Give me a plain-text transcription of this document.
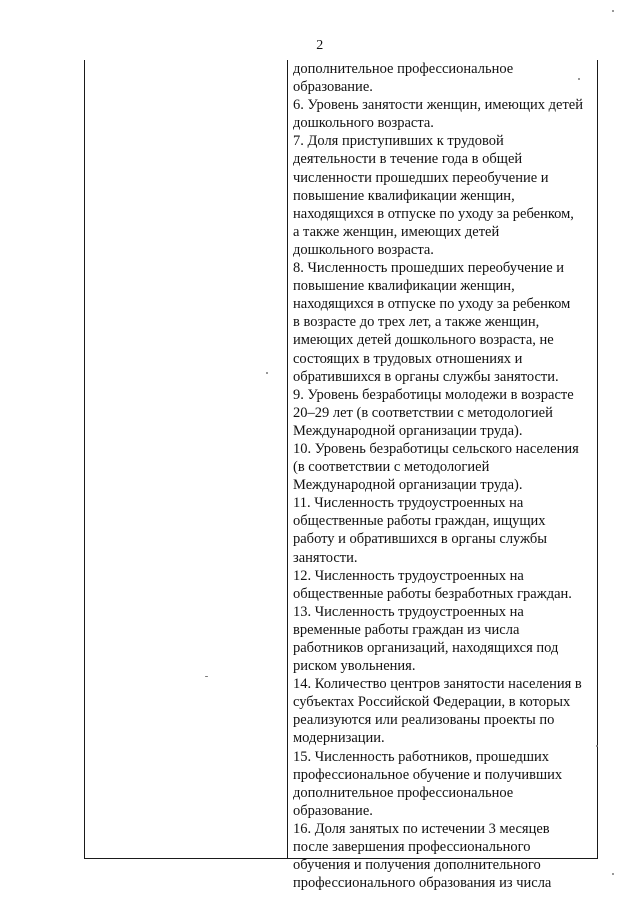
2
дополнительное профессиональное
образование.
6. Уровень занятости женщин, имеющих детей
дошкольного возраста.
7. Доля приступивших к трудовой
деятельности в течение года в общей
численности прошедших переобучение и
повышение квалификации женщин,
находящихся в отпуске по уходу за ребенком,
а также женщин, имеющих детей
дошкольного возраста.
8. Численность прошедших переобучение и
повышение квалификации женщин,
находящихся в отпуске по уходу за ребенком
в возрасте до трех лет, а также женщин,
имеющих детей дошкольного возраста, не
состоящих в трудовых отношениях и
обратившихся в органы службы занятости.
9. Уровень безработицы молодежи в возрасте
20–29 лет (в соответствии с методологией
Международной организации труда).
10. Уровень безработицы сельского населения
(в соответствии с методологией
Международной организации труда).
11. Численность трудоустроенных на
общественные работы граждан, ищущих
работу и обратившихся в органы службы
занятости.
12. Численность трудоустроенных на
общественные работы безработных граждан.
13. Численность трудоустроенных на
временные работы граждан из числа
работников организаций, находящихся под
риском увольнения.
14. Количество центров занятости населения в
субъектах Российской Федерации, в которых
реализуются или реализованы проекты по
модернизации.
15. Численность работников, прошедших
профессиональное обучение и получивших
дополнительное профессиональное
образование.
16. Доля занятых по истечении 3 месяцев
после завершения профессионального
обучения и получения дополнительного
профессионального образования из числа
